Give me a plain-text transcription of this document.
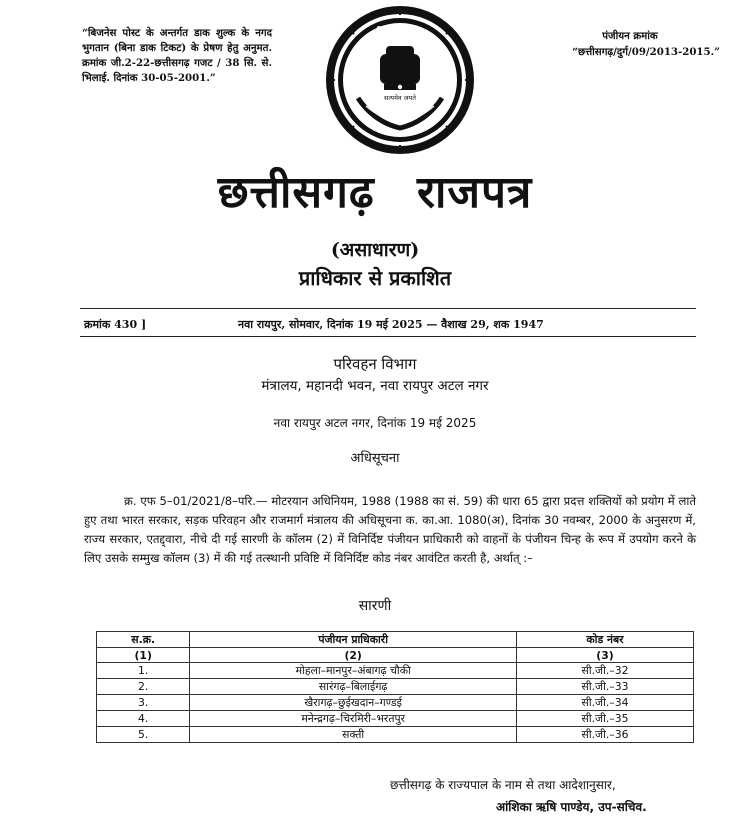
“बिजनेस पोस्ट के अन्तर्गत डाक शुल्क के नगद भुगतान (बिना डाक टिकट) के प्रेषण हेतु अनुमत. क्रमांक जी.2-22-छत्तीसगढ़ गजट / 38 सि. से. भिलाई. दिनांक 30-05-2001.”
पंजीयन क्रमांक
“छत्तीसगढ़/दुर्ग/09/2013-2015.”
छत्तीसगढ़ शासन
सत्यमेव जयते
छत्तीसगढ़ राजपत्र
(असाधारण)
प्राधिकार से प्रकाशित
क्रमांक 430 ]	नवा रायपुर, सोमवार, दिनांक 19 मई 2025 — वैशाख 29, शक 1947
परिवहन विभाग
मंत्रालय, महानदी भवन, नवा रायपुर अटल नगर
नवा रायपुर अटल नगर, दिनांक 19 मई 2025
अधिसूचना
क्र. एफ 5–01/2021/8–परि.— मोटरयान अधिनियम, 1988 (1988 का सं. 59) की धारा 65 द्वारा प्रदत्त शक्तियों को प्रयोग में लाते हुए तथा भारत सरकार, सड़क परिवहन और राजमार्ग मंत्रालय की अधिसूचना क. का.आ. 1080(अ), दिनांक 30 नवम्बर, 2000 के अनुसरण में, राज्य सरकार, एतद्द्वारा, नीचे दी गई सारणी के कॉलम (2) में विनिर्दिष्ट पंजीयन प्राधिकारी को वाहनों के पंजीयन चिन्ह के रूप में उपयोग करने के लिए उसके सम्मुख कॉलम (3) में की गई तत्स्थानी प्रविष्टि में विनिर्दिष्ट कोड नंबर आवंटित करती है, अर्थात् :–
सारणी
स.क्र.	पंजीयन प्राधिकारी	कोड नंबर
(1)	(2)	(3)
1.	मोहला–मानपुर–अंबागढ़ चौकी	सी.जी.–32
2.	सारंगढ़–बिलाईगढ़	सी.जी.–33
3.	खैरागढ़–छुईखदान–गण्डई	सी.जी.–34
4.	मनेन्द्रगढ़–चिरमिरी–भरतपुर	सी.जी.–35
5.	सक्ती	सी.जी.–36
छत्तीसगढ़ के राज्यपाल के नाम से तथा आदेशानुसार,
आंशिका ऋषि पाण्डेय, उप-सचिव.
